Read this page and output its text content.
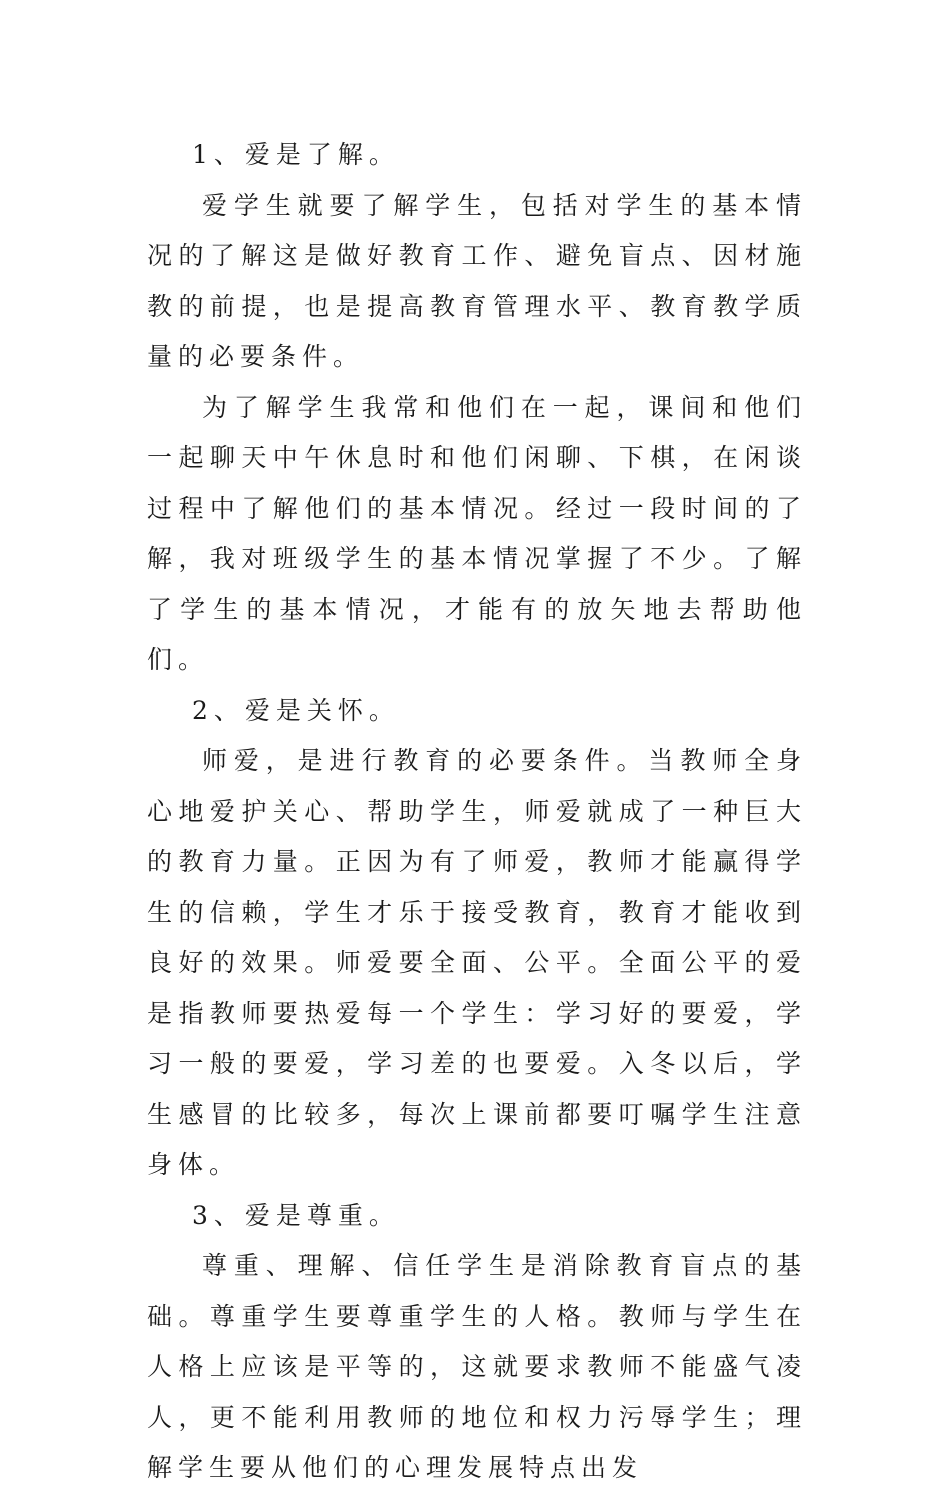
1、爱是了解。

爱学生就要了解学生，包括对学生的基本情况的了解这是做好教育工作、避免盲点、因材施教的前提，也是提高教育管理水平、教育教学质量的必要条件。

为了解学生我常和他们在一起，课间和他们一起聊天中午休息时和他们闲聊、下棋，在闲谈过程中了解他们的基本情况。经过一段时间的了解，我对班级学生的基本情况掌握了不少。了解了学生的基本情况，才能有的放矢地去帮助他们。

2、爱是关怀。

师爱，是进行教育的必要条件。当教师全身心地爱护关心、帮助学生，师爱就成了一种巨大的教育力量。正因为有了师爱，教师才能赢得学生的信赖，学生才乐于接受教育，教育才能收到良好的效果。师爱要全面、公平。全面公平的爱是指教师要热爱每一个学生：学习好的要爱，学习一般的要爱，学习差的也要爱。入冬以后，学生感冒的比较多，每次上课前都要叮嘱学生注意身体。

3、爱是尊重。

尊重、理解、信任学生是消除教育盲点的基础。尊重学生要尊重学生的人格。教师与学生在人格上应该是平等的，这就要求教师不能盛气凌人，更不能利用教师的地位和权力污辱学生；理解学生要从他们的心理发展特点出发
